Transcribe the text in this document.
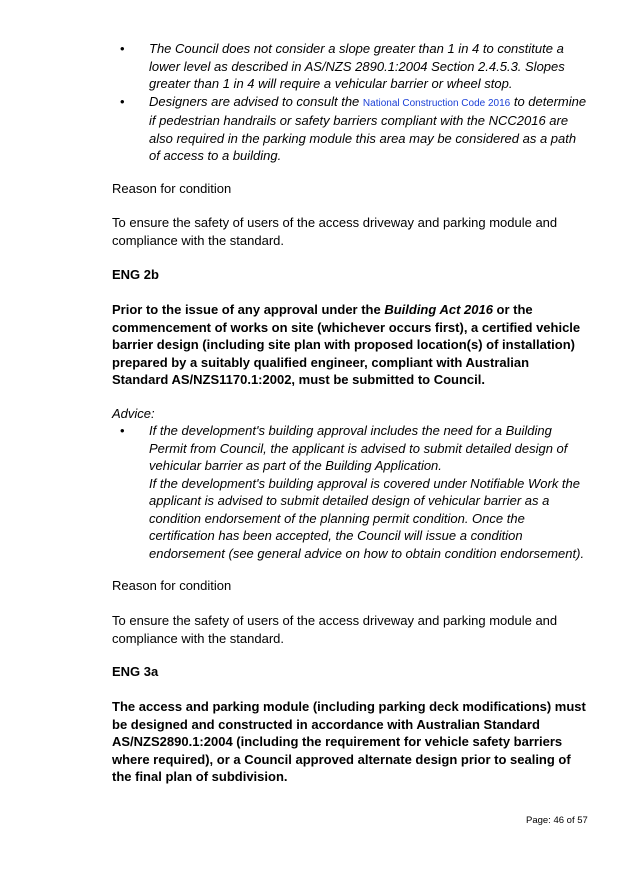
• The Council does not consider a slope greater than 1 in 4 to constitute a lower level as described in AS/NZS 2890.1:2004 Section 2.4.5.3. Slopes greater than 1 in 4 will require a vehicular barrier or wheel stop.
• Designers are advised to consult the National Construction Code 2016 to determine if pedestrian handrails or safety barriers compliant with the NCC2016 are also required in the parking module this area may be considered as a path of access to a building.

Reason for condition

To ensure the safety of users of the access driveway and parking module and compliance with the standard.

ENG 2b

Prior to the issue of any approval under the Building Act 2016 or the commencement of works on site (whichever occurs first), a certified vehicle barrier design (including site plan with proposed location(s) of installation) prepared by a suitably qualified engineer, compliant with Australian Standard AS/NZS1170.1:2002, must be submitted to Council.

Advice:

• If the development's building approval includes the need for a Building Permit from Council, the applicant is advised to submit detailed design of vehicular barrier as part of the Building Application.
If the development's building approval is covered under Notifiable Work the applicant is advised to submit detailed design of vehicular barrier as a condition endorsement of the planning permit condition. Once the certification has been accepted, the Council will issue a condition endorsement (see general advice on how to obtain condition endorsement).

Reason for condition

To ensure the safety of users of the access driveway and parking module and compliance with the standard.

ENG 3a

The access and parking module (including parking deck modifications) must be designed and constructed in accordance with Australian Standard AS/NZS2890.1:2004 (including the requirement for vehicle safety barriers where required), or a Council approved alternate design prior to sealing of the final plan of subdivision.

Page: 46 of 57
